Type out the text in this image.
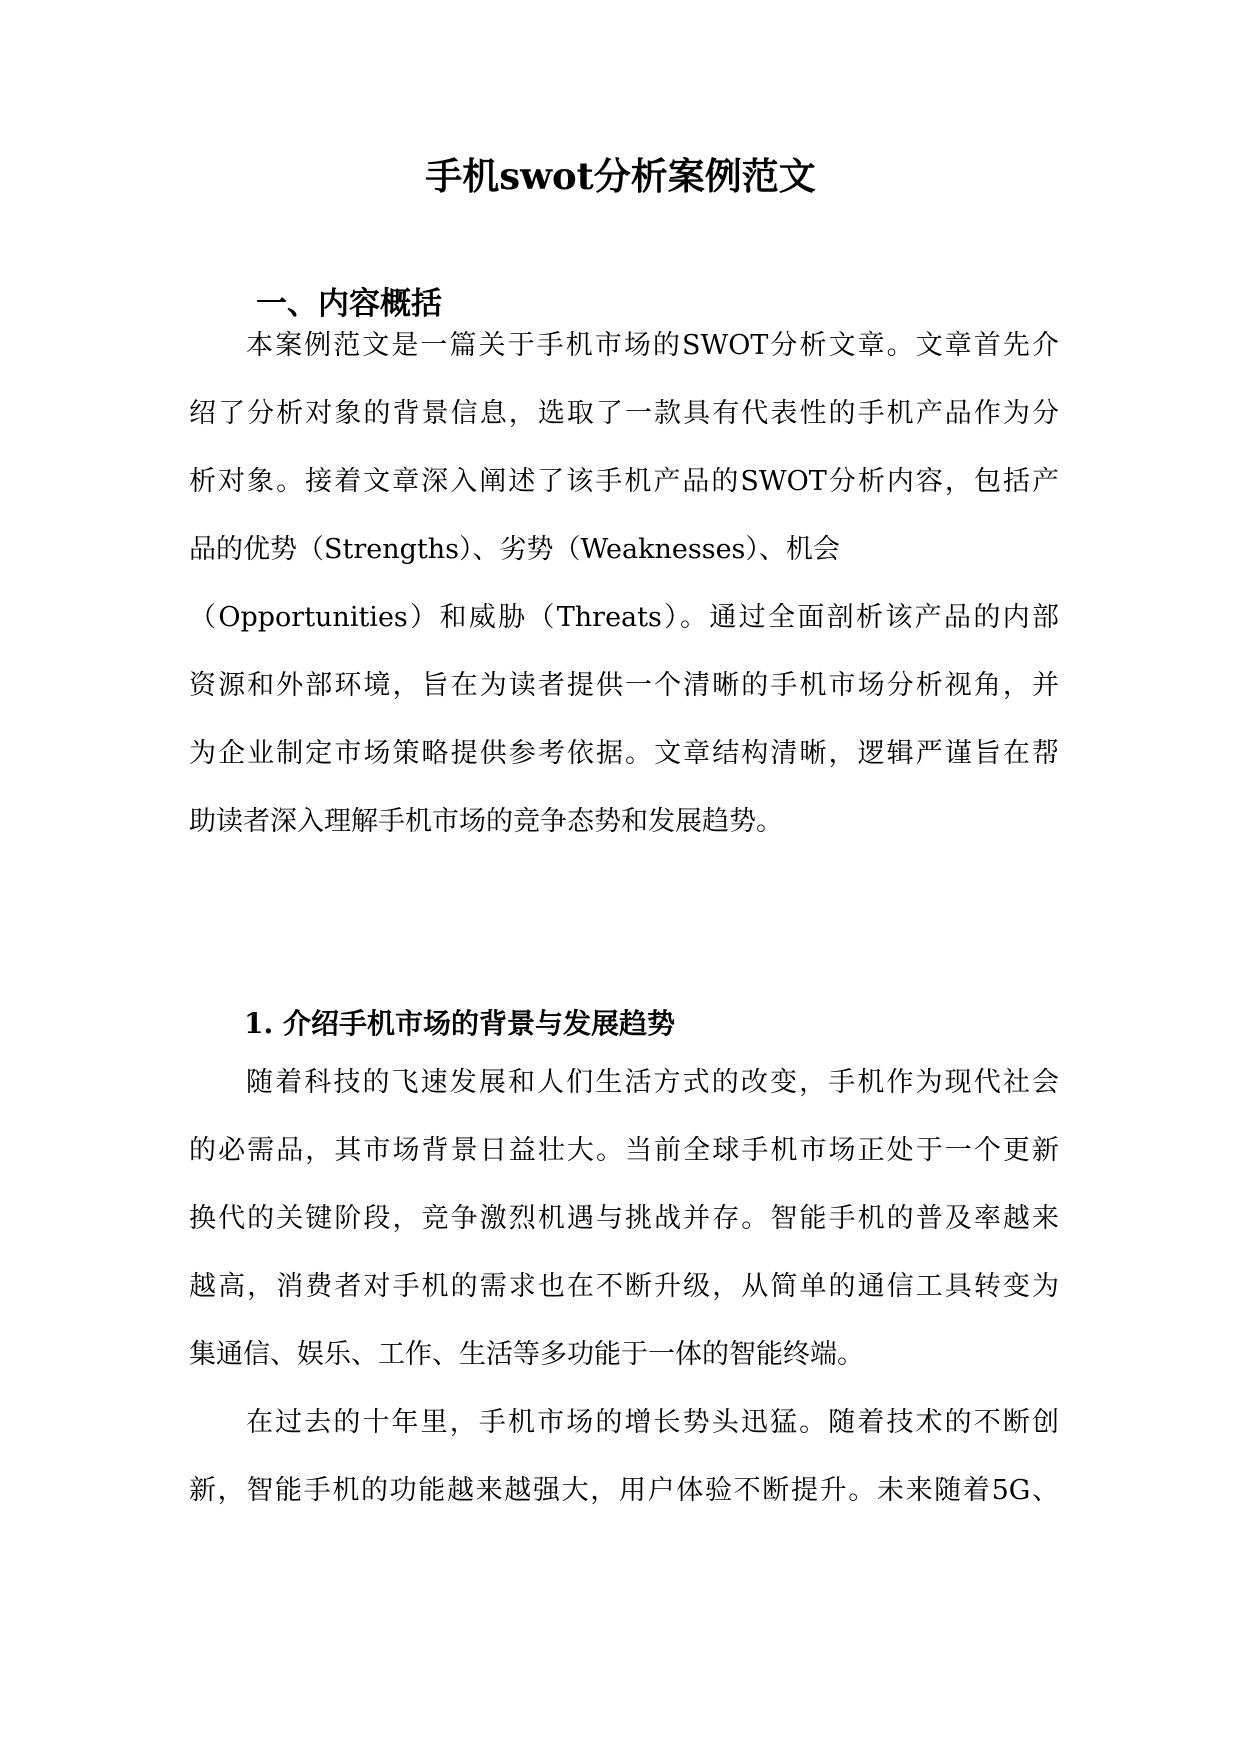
手机swot分析案例范文
一、内容概括
本案例范文是一篇关于手机市场的SWOT分析文章。文章首先介
绍了分析对象的背景信息，选取了一款具有代表性的手机产品作为分
析对象。接着文章深入阐述了该手机产品的SWOT分析内容，包括产
品的优势（Strengths）、劣势（Weaknesses）、机会
（Opportunities）和威胁（Threats）。通过全面剖析该产品的内部
资源和外部环境，旨在为读者提供一个清晰的手机市场分析视角，并
为企业制定市场策略提供参考依据。文章结构清晰，逻辑严谨旨在帮
助读者深入理解手机市场的竞争态势和发展趋势。
1. 介绍手机市场的背景与发展趋势
随着科技的飞速发展和人们生活方式的改变，手机作为现代社会
的必需品，其市场背景日益壮大。当前全球手机市场正处于一个更新
换代的关键阶段，竞争激烈机遇与挑战并存。智能手机的普及率越来
越高，消费者对手机的需求也在不断升级，从简单的通信工具转变为
集通信、娱乐、工作、生活等多功能于一体的智能终端。
在过去的十年里，手机市场的增长势头迅猛。随着技术的不断创
新，智能手机的功能越来越强大，用户体验不断提升。未来随着5G、
